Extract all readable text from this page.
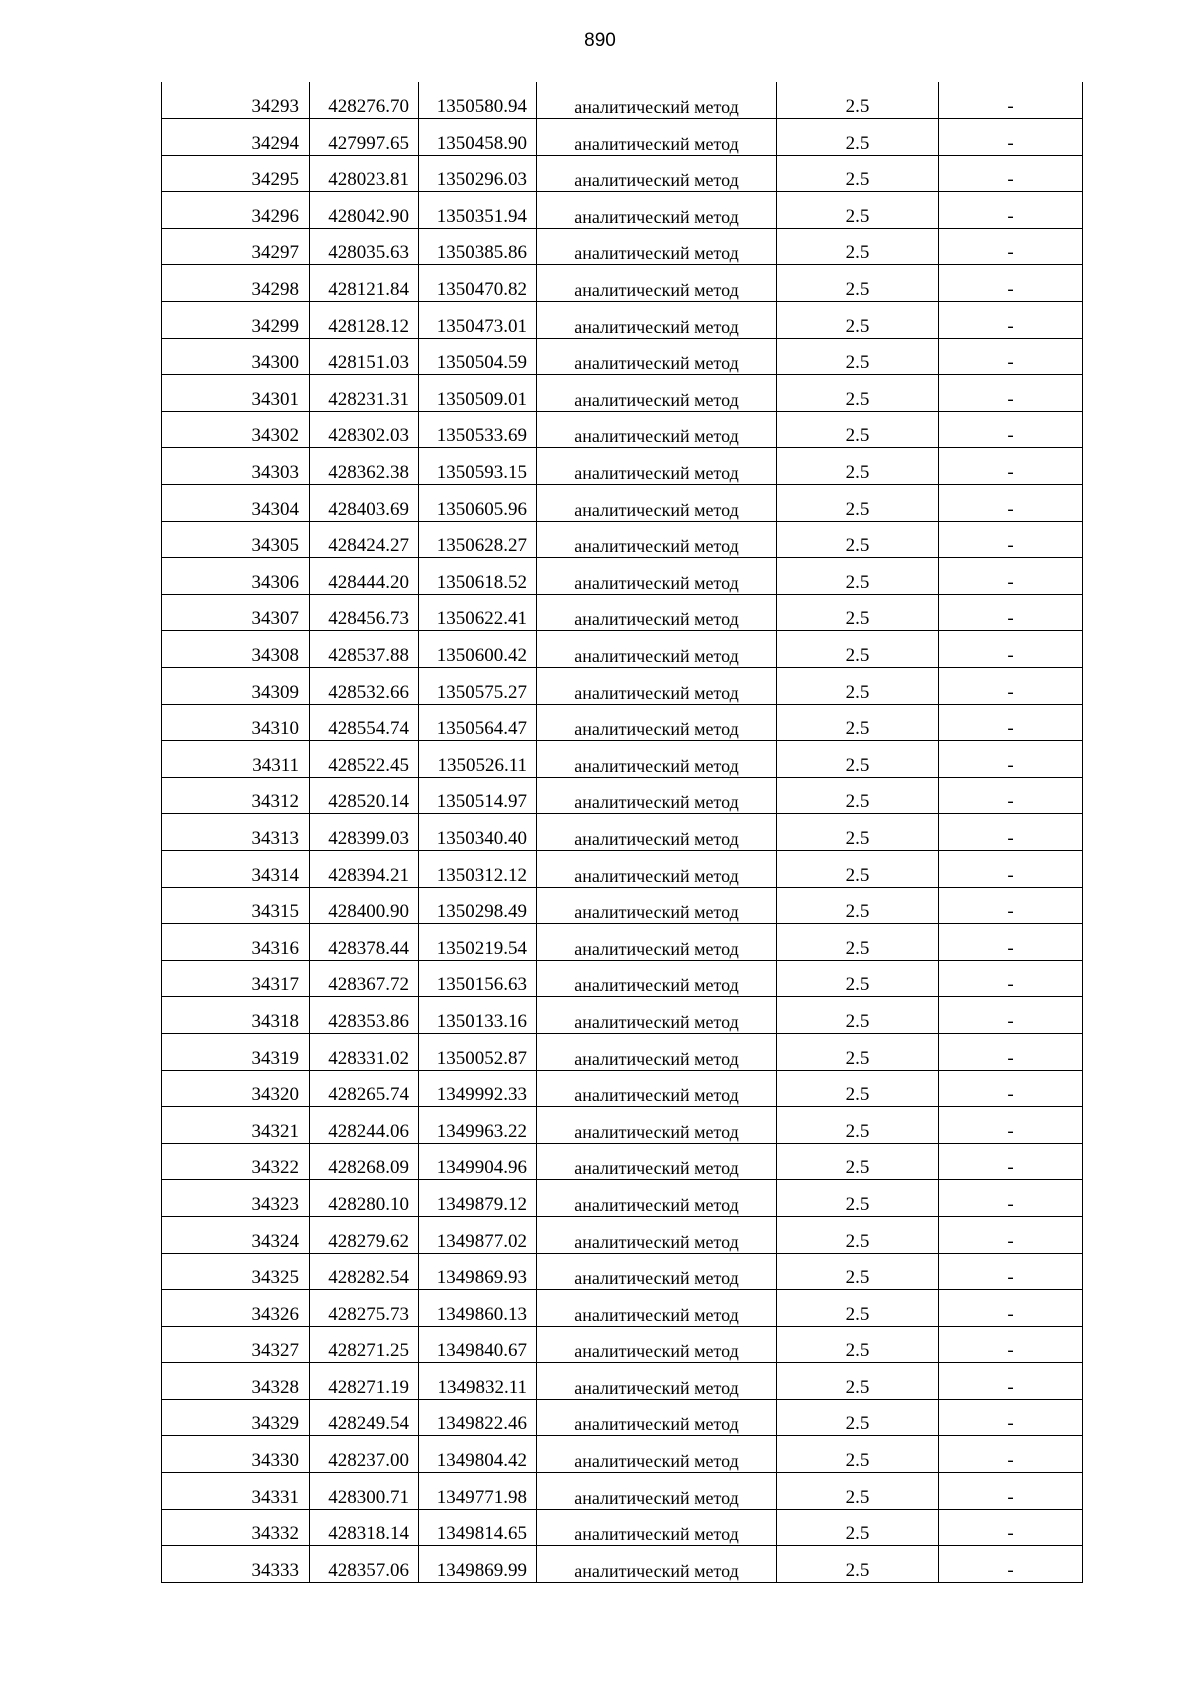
890
34293	428276.70	1350580.94	аналитический метод	2.5	-
34294	427997.65	1350458.90	аналитический метод	2.5	-
34295	428023.81	1350296.03	аналитический метод	2.5	-
34296	428042.90	1350351.94	аналитический метод	2.5	-
34297	428035.63	1350385.86	аналитический метод	2.5	-
34298	428121.84	1350470.82	аналитический метод	2.5	-
34299	428128.12	1350473.01	аналитический метод	2.5	-
34300	428151.03	1350504.59	аналитический метод	2.5	-
34301	428231.31	1350509.01	аналитический метод	2.5	-
34302	428302.03	1350533.69	аналитический метод	2.5	-
34303	428362.38	1350593.15	аналитический метод	2.5	-
34304	428403.69	1350605.96	аналитический метод	2.5	-
34305	428424.27	1350628.27	аналитический метод	2.5	-
34306	428444.20	1350618.52	аналитический метод	2.5	-
34307	428456.73	1350622.41	аналитический метод	2.5	-
34308	428537.88	1350600.42	аналитический метод	2.5	-
34309	428532.66	1350575.27	аналитический метод	2.5	-
34310	428554.74	1350564.47	аналитический метод	2.5	-
34311	428522.45	1350526.11	аналитический метод	2.5	-
34312	428520.14	1350514.97	аналитический метод	2.5	-
34313	428399.03	1350340.40	аналитический метод	2.5	-
34314	428394.21	1350312.12	аналитический метод	2.5	-
34315	428400.90	1350298.49	аналитический метод	2.5	-
34316	428378.44	1350219.54	аналитический метод	2.5	-
34317	428367.72	1350156.63	аналитический метод	2.5	-
34318	428353.86	1350133.16	аналитический метод	2.5	-
34319	428331.02	1350052.87	аналитический метод	2.5	-
34320	428265.74	1349992.33	аналитический метод	2.5	-
34321	428244.06	1349963.22	аналитический метод	2.5	-
34322	428268.09	1349904.96	аналитический метод	2.5	-
34323	428280.10	1349879.12	аналитический метод	2.5	-
34324	428279.62	1349877.02	аналитический метод	2.5	-
34325	428282.54	1349869.93	аналитический метод	2.5	-
34326	428275.73	1349860.13	аналитический метод	2.5	-
34327	428271.25	1349840.67	аналитический метод	2.5	-
34328	428271.19	1349832.11	аналитический метод	2.5	-
34329	428249.54	1349822.46	аналитический метод	2.5	-
34330	428237.00	1349804.42	аналитический метод	2.5	-
34331	428300.71	1349771.98	аналитический метод	2.5	-
34332	428318.14	1349814.65	аналитический метод	2.5	-
34333	428357.06	1349869.99	аналитический метод	2.5	-
